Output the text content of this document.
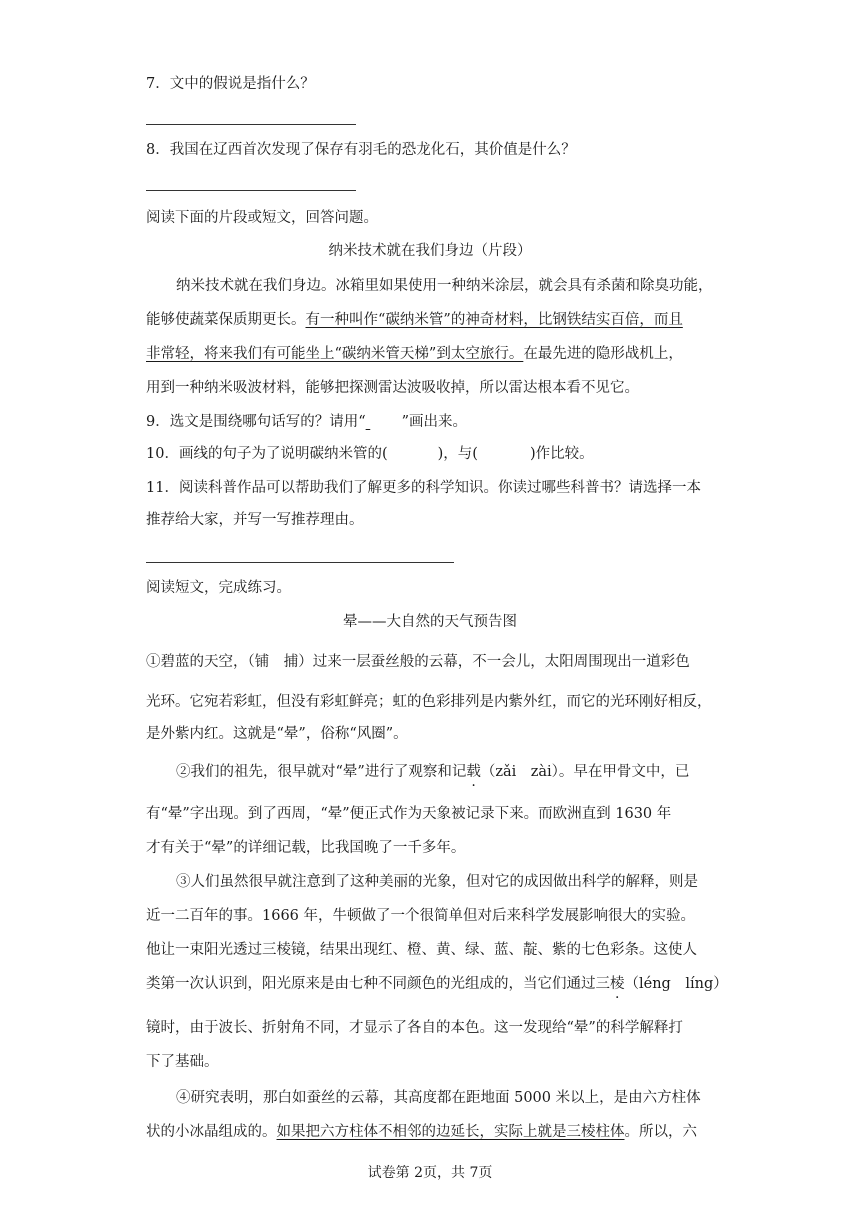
7．文中的假说是指什么？
8．我国在辽西首次发现了保存有羽毛的恐龙化石，其价值是什么？
阅读下面的片段或短文，回答问题。
纳米技术就在我们身边（片段）
纳米技术就在我们身边。冰箱里如果使用一种纳米涂层，就会具有杀菌和除臭功能，
能够使蔬菜保质期更长。有一种叫作“碳纳米管”的神奇材料，比钢铁结实百倍，而且
非常轻，将来我们有可能坐上“碳纳米管天梯”到太空旅行。在最先进的隐形战机上，
用到一种纳米吸波材料，能够把探测雷达波吸收掉，所以雷达根本看不见它。
9．选文是围绕哪句话写的？请用“ ”画出来。
10．画线的句子为了说明碳纳米管的(	)，与(	)作比较。
11．阅读科普作品可以帮助我们了解更多的科学知识。你读过哪些科普书？请选择一本
推荐给大家，并写一写推荐理由。
阅读短文，完成练习。
晕——大自然的天气预告图
①碧蓝的天空，（铺　捕）过来一层蚕丝般的云幕，不一会儿，太阳周围现出一道彩色
光环。它宛若彩虹，但没有彩虹鲜亮；虹的色彩排列是内紫外红，而它的光环刚好相反，
是外紫内红。这就是“晕”，俗称“风圈”。
②我们的祖先，很早就对“晕”进行了观察和记载（zǎi　zài）。早在甲骨文中，已
有“晕”字出现。到了西周，“晕”便正式作为天象被记录下来。而欧洲直到 1630 年
才有关于“晕”的详细记载，比我国晚了一千多年。
③人们虽然很早就注意到了这种美丽的光象，但对它的成因做出科学的解释，则是
近一二百年的事。1666 年，牛顿做了一个很简单但对后来科学发展影响很大的实验。
他让一束阳光透过三棱镜，结果出现红、橙、黄、绿、蓝、靛、紫的七色彩条。这使人
类第一次认识到，阳光原来是由七种不同颜色的光组成的，当它们通过三棱（léng　líng）
镜时，由于波长、折射角不同，才显示了各自的本色。这一发现给“晕”的科学解释打
下了基础。
④研究表明，那白如蚕丝的云幕，其高度都在距地面 5000 米以上，是由六方柱体
状的小冰晶组成的。如果把六方柱体不相邻的边延长，实际上就是三棱柱体。所以，六
试卷第 2页，共 7页
